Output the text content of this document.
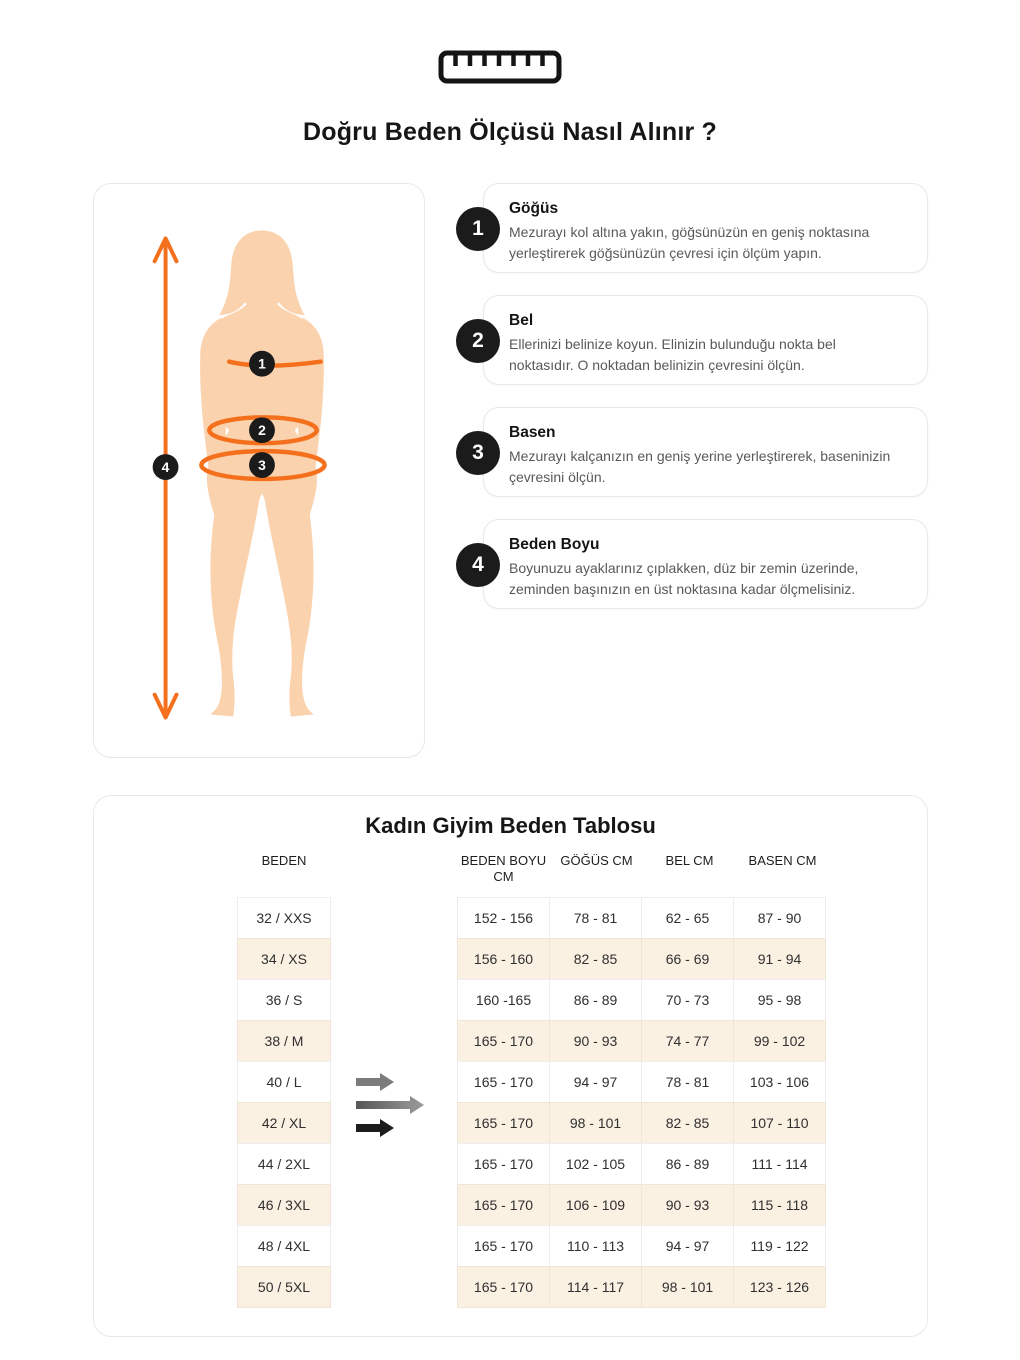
Doğru Beden Ölçüsü Nasıl Alınır ?
1
2
3
4
1
Göğüs
Mezurayı kol altına yakın, göğsünüzün en geniş noktasına yerleştirerek göğsünüzün çevresi için ölçüm yapın.
2
Bel
Ellerinizi belinize koyun. Elinizin bulunduğu nokta bel noktasıdır. O noktadan belinizin çevresini ölçün.
3
Basen
Mezurayı kalçanızın en geniş yerine yerleştirerek, baseninizin çevresini ölçün.
4
Beden Boyu
Boyunuzu ayaklarınız çıplakken, düz bir zemin üzerinde, zeminden başınızın en üst noktasına kadar ölçmelisiniz.
Kadın Giyim Beden Tablosu
BEDEN	BEDEN BOYU CM
GÖĞÜS CM	BEL CM	BASEN CM
32 / XXS	152 - 156	78 - 81	62 - 65	87 - 90
34 / XS	156 - 160	82 - 85	66 - 69	91 - 94
36 / S	160 -165	86 - 89	70 - 73	95 - 98
38 / M	165 - 170	90 - 93	74 - 77	99 - 102
40 / L	165 - 170	94 - 97	78 - 81	103 - 106
42 / XL	165 - 170	98 - 101	82 - 85	107 - 110
44 / 2XL	165 - 170	102 - 105	86 - 89	111 - 114
46 / 3XL	165 - 170	106 - 109	90 - 93	115 - 118
48 / 4XL	165 - 170	110 - 113	94 - 97	119 - 122
50 / 5XL	165 - 170	114 - 117	98 - 101	123 - 126
